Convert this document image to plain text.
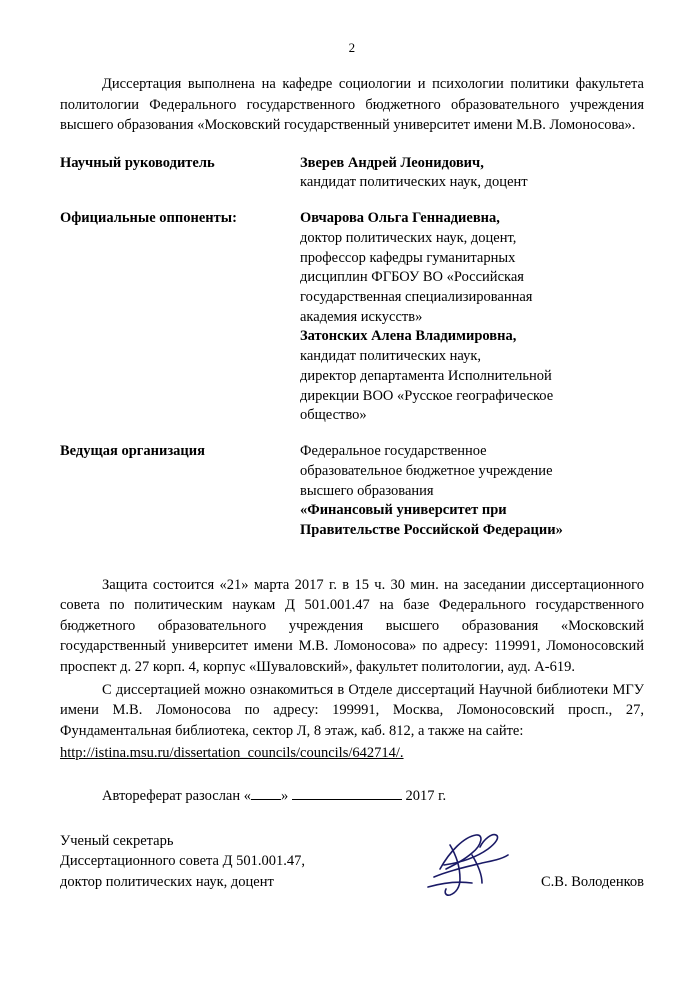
2

Диссертация выполнена на кафедре социологии и психологии политики факультета политологии Федерального государственного бюджетного образовательного учреждения высшего образования «Московский государственный университет имени М.В. Ломоносова».

Научный руководитель	Зверев Андрей Леонидович,
кандидат политических наук, доцент

Официальные оппоненты:	Овчарова Ольга Геннадиевна,
доктор политических наук, доцент,
профессор кафедры гуманитарных
дисциплин ФГБОУ ВО «Российская
государственная специализированная
академия искусств»
Затонских Алена Владимировна,
кандидат политических наук,
директор департамента Исполнительной
дирекции ВОО «Русское географическое
общество»

Ведущая организация	Федеральное государственное
образовательное бюджетное учреждение
высшего образования
«Финансовый университет при
Правительстве Российской Федерации»

Защита состоится «21» марта 2017 г. в 15 ч. 30 мин. на заседании диссертационного совета по политическим наукам Д 501.001.47 на базе Федерального государственного бюджетного образовательного учреждения высшего образования «Московский государственный университет имени М.В. Ломоносова» по адресу: 119991, Ломоносовский проспект д. 27 корп. 4, корпус «Шуваловский», факультет политологии, ауд. А-619.

С диссертацией можно ознакомиться в Отделе диссертаций Научной библиотеки МГУ имени М.В. Ломоносова по адресу: 199991, Москва, Ломоносовский просп., 27, Фундаментальная библиотека, сектор Л, 8 этаж, каб. 812, а также на сайте:

http://istina.msu.ru/dissertation_councils/councils/642714/.
Автореферат разослан « »	2017 г.
Ученый секретарь
Диссертационного совета Д 501.001.47,
доктор политических наук, доцент	С.В. Володенков
